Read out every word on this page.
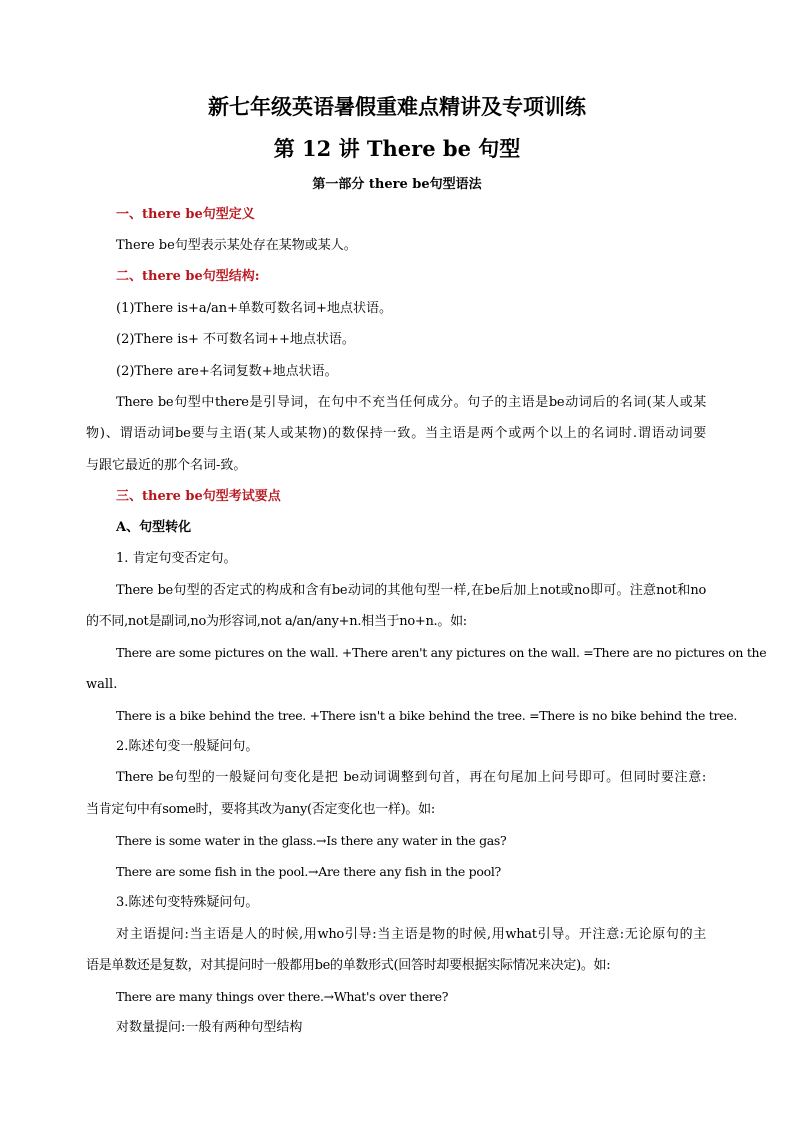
新七年级英语暑假重难点精讲及专项训练
第 12 讲 There be 句型
第一部分 there be句型语法
一、there be句型定义
There be句型表示某处存在某物或某人。
二、there be句型结构:
(1)There is+a/an+单数可数名词+地点状语。
(2)There is+ 不可数名词++地点状语。
(2)There are+名词复数+地点状语。
There be句型中there是引导词，在句中不充当任何成分。句子的主语是be动词后的名词(某人或某
物)、谓语动词be要与主语(某人或某物)的数保持一致。当主语是两个或两个以上的名词时.谓语动词要
与跟它最近的那个名词-致。
三、there be句型考试要点
A、句型转化
1. 肯定句变否定句。
There be句型的否定式的构成和含有be动词的其他句型一样,在be后加上not或no即可。注意not和no
的不同,not是副词,no为形容词,not a/an/any+n.相当于no+n.。如:
There are some pictures on the wall. +There aren't any pictures on the wall. =There are no pictures on the
wall.
There is a bike behind the tree. +There isn't a bike behind the tree. =There is no bike behind the tree.
2.陈述句变一般疑问句。
There be句型的一般疑问句变化是把 be动词调整到句首，再在句尾加上问号即可。但同时要注意:
当肯定句中有some时，要将其改为any(否定变化也一样)。如:
There is some water in the glass.→Is there any water in the gas?
There are some fish in the pool.→Are there any fish in the pool?
3.陈述句变特殊疑问句。
对主语提问:当主语是人的时候,用who引导:当主语是物的时候,用what引导。开注意:无论原句的主
语是单数还是复数，对其提问时一般都用be的单数形式(回答时却要根据实际情况来决定)。如:
There are many things over there.→What's over there?
对数量提问:一般有两种句型结构
